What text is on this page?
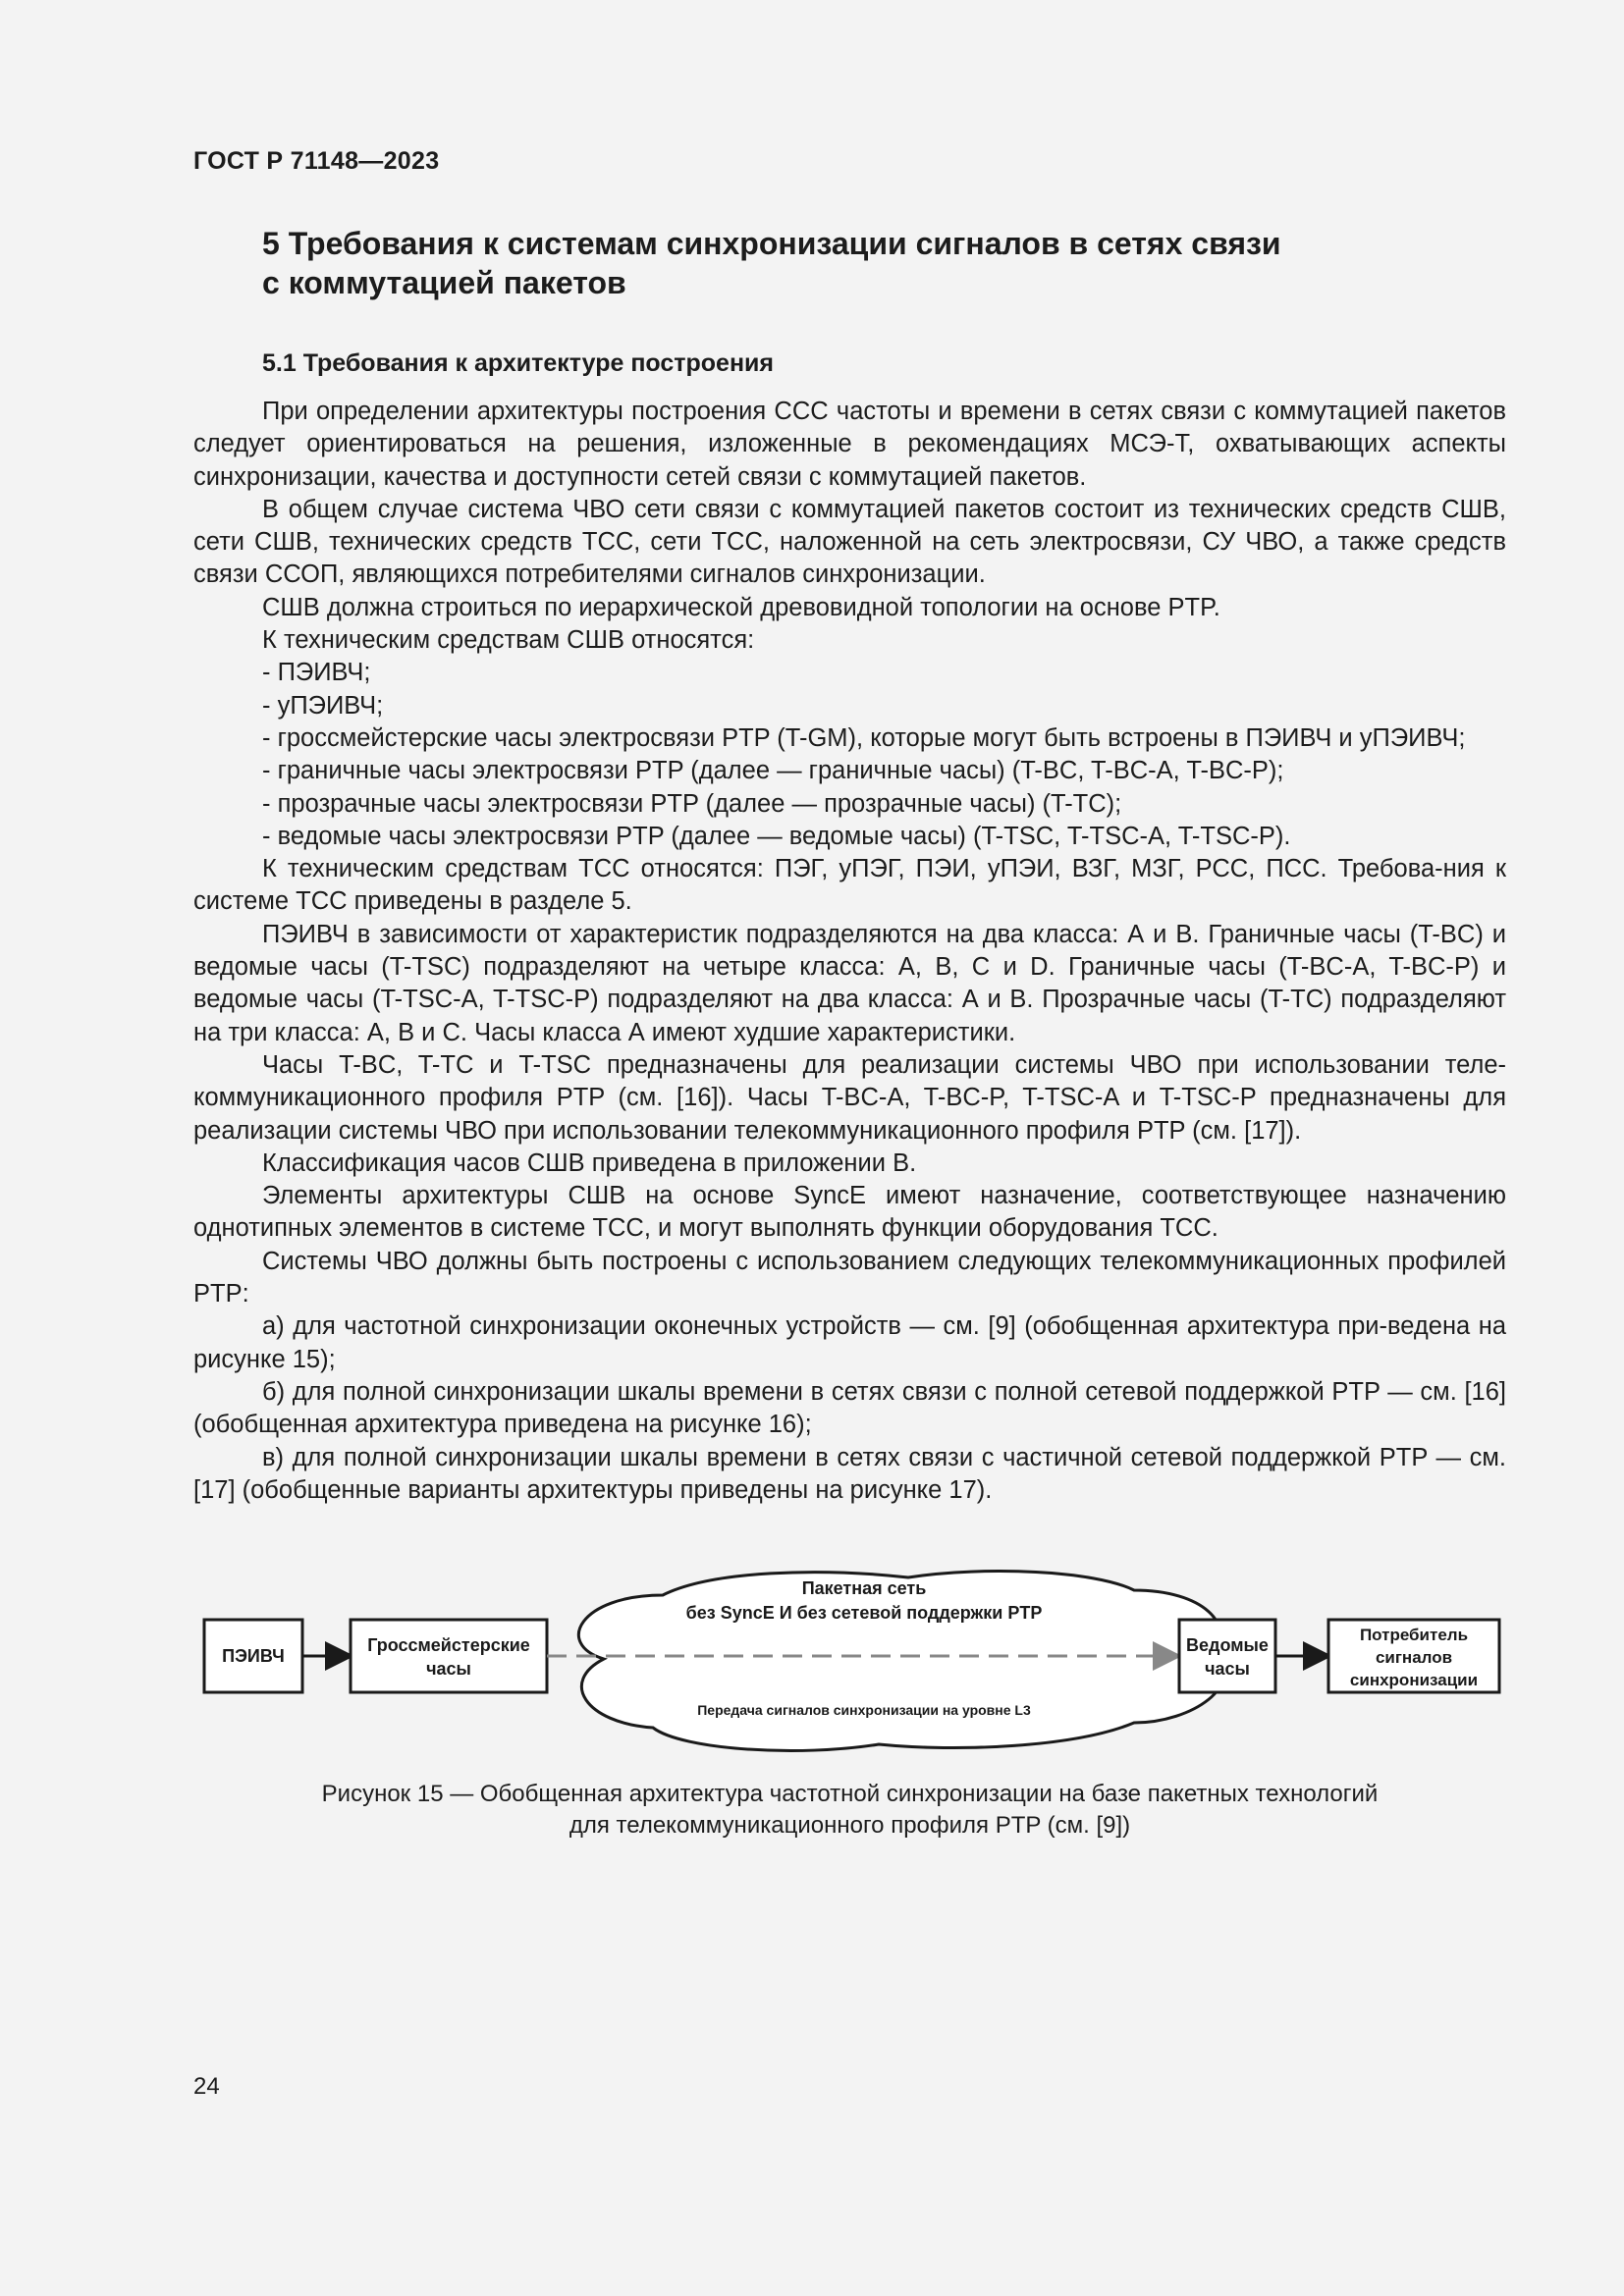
ГОСТ Р 71148—2023
5 Требования к системам синхронизации сигналов в сетях связи
с коммутацией пакетов
5.1 Требования к архитектуре построения

При определении архитектуры построения ССС частоты и времени в сетях связи с коммутацией пакетов следует ориентироваться на решения, изложенные в рекомендациях МСЭ-Т, охватывающих аспекты синхронизации, качества и доступности сетей связи с коммутацией пакетов.

В общем случае система ЧВО сети связи с коммутацией пакетов состоит из технических средств СШВ, сети СШВ, технических средств ТСС, сети ТСС, наложенной на сеть электросвязи, СУ ЧВО, а также средств связи ССОП, являющихся потребителями сигналов синхронизации.

СШВ должна строиться по иерархической древовидной топологии на основе PTP.

К техническим средствам СШВ относятся:

- ПЭИВЧ;

- уПЭИВЧ;

- гроссмейстерские часы электросвязи PTP (T-GM), которые могут быть встроены в ПЭИВЧ и уПЭИВЧ;

- граничные часы электросвязи PTP (далее — граничные часы) (T-BC, T-BC-A, T-BC-P);

- прозрачные часы электросвязи PTP (далее — прозрачные часы) (T-TC);

- ведомые часы электросвязи PTP (далее — ведомые часы) (T-TSC, T-TSC-A, T-TSC-P).

К техническим средствам ТСС относятся: ПЭГ, уПЭГ, ПЭИ, уПЭИ, ВЗГ, МЗГ, РСС, ПСС. Требова-ния к системе ТСС приведены в разделе 5.

ПЭИВЧ в зависимости от характеристик подразделяются на два класса: А и В. Граничные часы (T-BC) и ведомые часы (T-TSC) подразделяют на четыре класса: А, В, С и D. Граничные часы (T-BC-A, T-BC-P) и ведомые часы (T-TSC-A, T-TSC-P) подразделяют на два класса: А и В. Прозрачные часы (T-TC) подразделяют на три класса: А, В и С. Часы класса А имеют худшие характеристики.

Часы T-BC, T-TC и T-TSC предназначены для реализации системы ЧВО при использовании теле-коммуникационного профиля PTP (см. [16]). Часы T-BC-A, T-BC-P, T-TSC-A и T-TSC-P предназначены для реализации системы ЧВО при использовании телекоммуникационного профиля PTP (см. [17]).

Классификация часов СШВ приведена в приложении В.

Элементы архитектуры СШВ на основе SyncE имеют назначение, соответствующее назначению однотипных элементов в системе ТСС, и могут выполнять функции оборудования ТСС.

Системы ЧВО должны быть построены с использованием следующих телекоммуникационных профилей PTP:

а) для частотной синхронизации оконечных устройств — см. [9] (обобщенная архитектура при-ведена на рисунке 15);

б) для полной синхронизации шкалы времени в сетях связи с полной сетевой поддержкой PTP — см. [16] (обобщенная архитектура приведена на рисунке 16);

в) для полной синхронизации шкалы времени в сетях связи с частичной сетевой поддержкой PTP — см. [17] (обобщенные варианты архитектуры приведены на рисунке 17).

Пакетная сеть
без SyncE И без сетевой поддержки PTP
Передача сигналов синхронизации на уровне L3
ПЭИВЧ
Гроссмейстерские
часы
Ведомые
часы
Потребитель
сигналов
синхронизации
Рисунок 15 — Обобщенная архитектура частотной синхронизации на базе пакетных технологий
для телекоммуникационного профиля PTP (см. [9])
24
